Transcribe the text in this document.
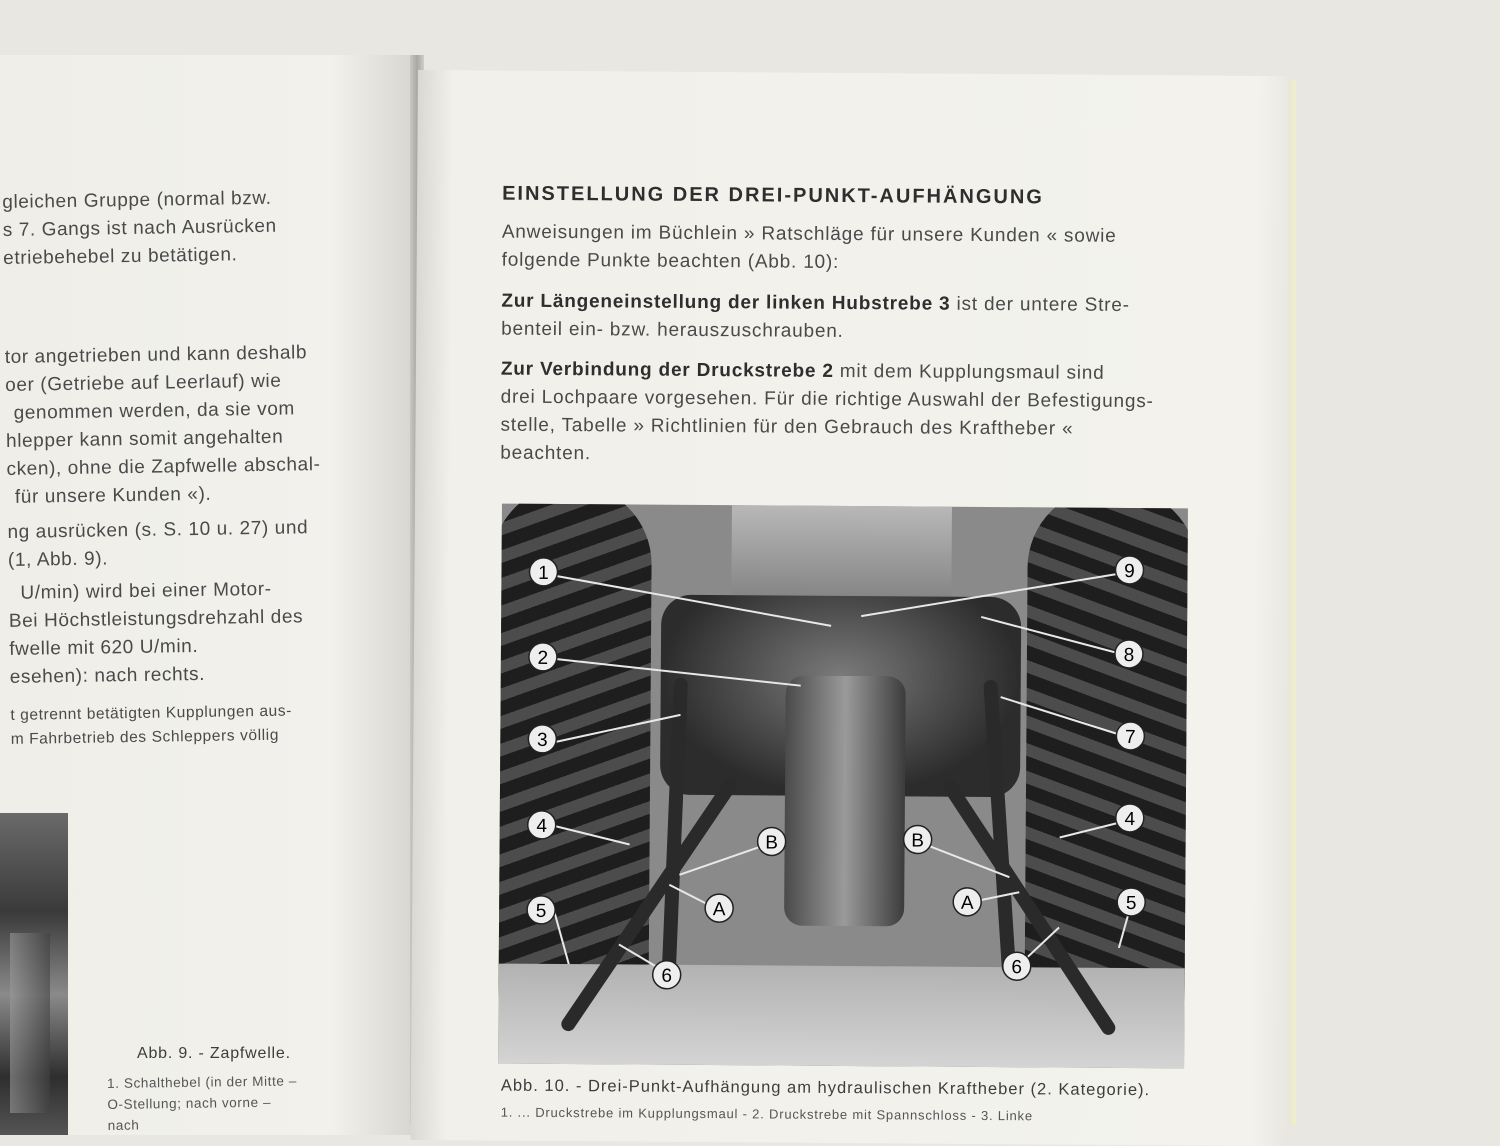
gleichen Gruppe (normal bzw.
s 7. Gangs ist nach Ausrücken
etriebehebel zu betätigen.
tor angetrieben und kann deshalb
oer (Getriebe auf Leerlauf) wie
genommen werden, da sie vom
hlepper kann somit angehalten
cken), ohne die Zapfwelle abschal-
für unsere Kunden «).
ng ausrücken (s. S. 10 u. 27) und
(1, Abb. 9).
U/min) wird bei einer Motor-
Bei Höchstleistungsdrehzahl des
fwelle mit 620 U/min.
esehen): nach rechts.
t getrennt betätigten Kupplungen aus-
m Fahrbetrieb des Schleppers völlig
Abb. 9. - Zapfwelle.
1. Schalthebel (in der Mitte –
O-Stellung; nach vorne –
nach
EINSTELLUNG DER DREI-PUNKT-AUFHÄNGUNG
Anweisungen im Büchlein » Ratschläge für unsere Kunden « sowie
folgende Punkte beachten (Abb. 10):
Zur Längeneinstellung der linken Hubstrebe 3 ist der untere Stre-
benteil ein- bzw. herauszuschrauben.
Zur Verbindung der Druckstrebe 2 mit dem Kupplungsmaul sind
drei Lochpaare vorgesehen. Für die richtige Auswahl der Befestigungs-
stelle, Tabelle » Richtlinien für den Gebrauch des Kraftheber «
beachten.
1
2
3
4
5
6
A
B	B
A
6
5
4
7
8
9
Abb. 10. - Drei-Punkt-Aufhängung am hydraulischen Kraftheber (2. Kategorie).
1. ... Druckstrebe im Kupplungsmaul - 2. Druckstrebe mit Spannschloss - 3. Linke
